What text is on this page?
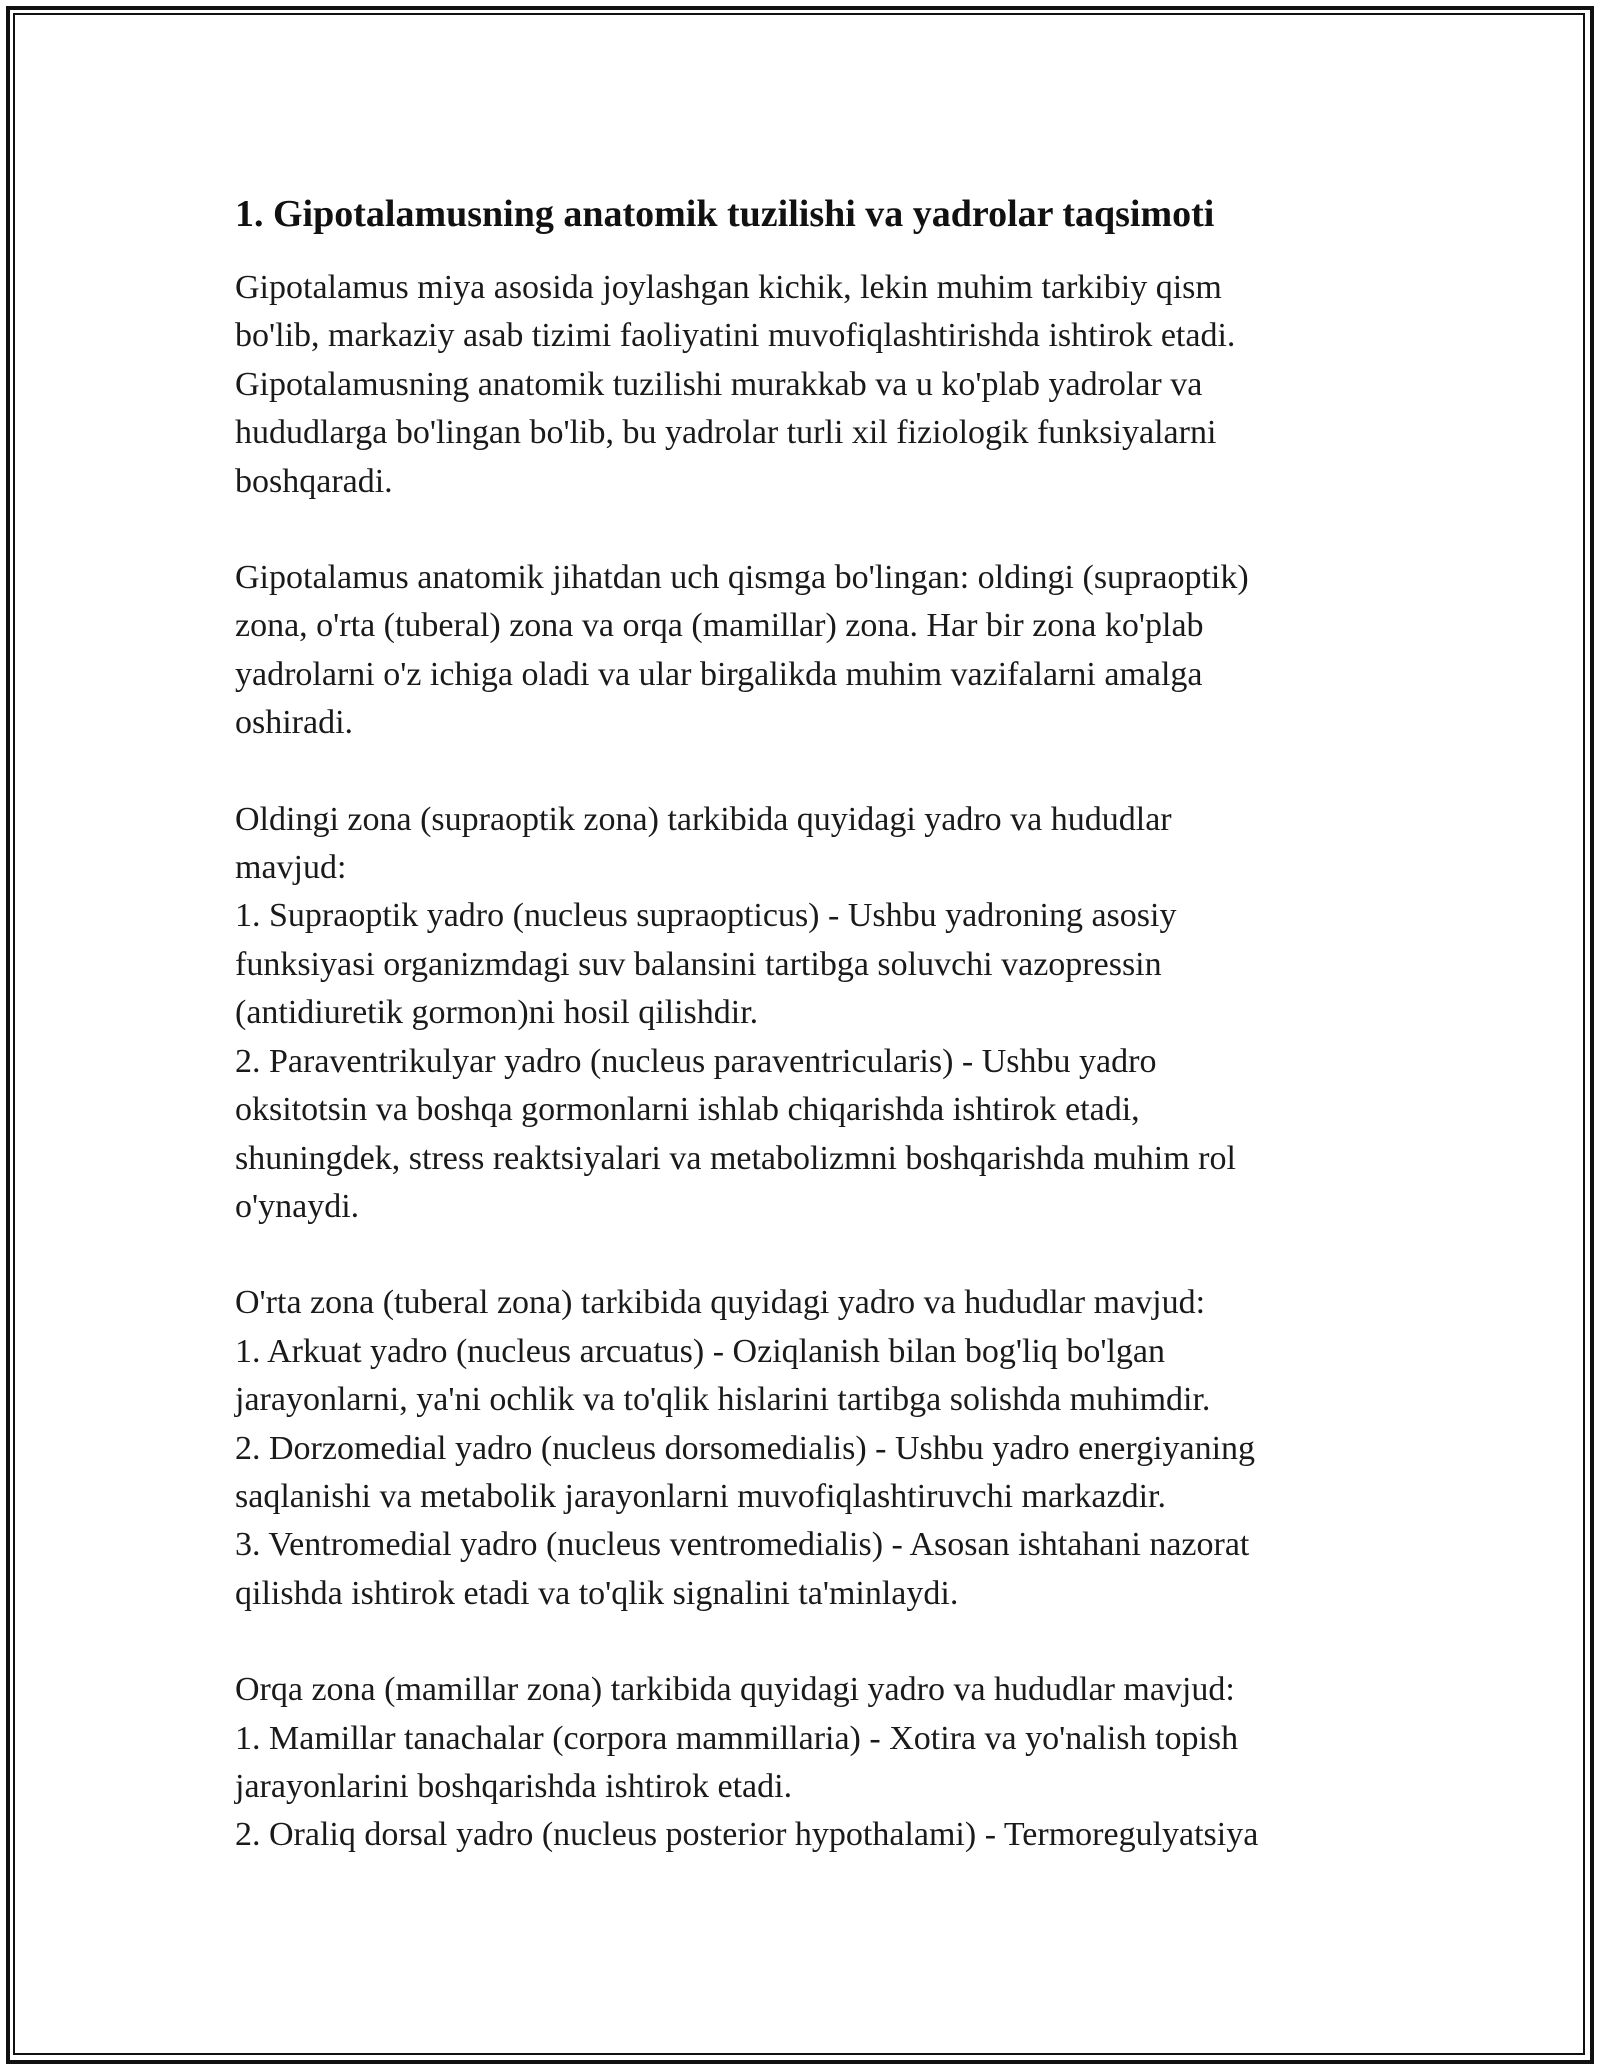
1. Gipotalamusning anatomik tuzilishi va yadrolar taqsimoti
Gipotalamus miya asosida joylashgan kichik, lekin muhim tarkibiy qism
bo'lib, markaziy asab tizimi faoliyatini muvofiqlashtirishda ishtirok etadi.
Gipotalamusning anatomik tuzilishi murakkab va u ko'plab yadrolar va
hududlarga bo'lingan bo'lib, bu yadrolar turli xil fiziologik funksiyalarni
boshqaradi.
Gipotalamus anatomik jihatdan uch qismga bo'lingan: oldingi (supraoptik)
zona, o'rta (tuberal) zona va orqa (mamillar) zona. Har bir zona ko'plab
yadrolarni o'z ichiga oladi va ular birgalikda muhim vazifalarni amalga
oshiradi.
Oldingi zona (supraoptik zona) tarkibida quyidagi yadro va hududlar
mavjud:
1. Supraoptik yadro (nucleus supraopticus) - Ushbu yadroning asosiy
funksiyasi organizmdagi suv balansini tartibga soluvchi vazopressin
(antidiuretik gormon)ni hosil qilishdir.
2. Paraventrikulyar yadro (nucleus paraventricularis) - Ushbu yadro
oksitotsin va boshqa gormonlarni ishlab chiqarishda ishtirok etadi,
shuningdek, stress reaktsiyalari va metabolizmni boshqarishda muhim rol
o'ynaydi.
O'rta zona (tuberal zona) tarkibida quyidagi yadro va hududlar mavjud:
1. Arkuat yadro (nucleus arcuatus) - Oziqlanish bilan bog'liq bo'lgan
jarayonlarni, ya'ni ochlik va to'qlik hislarini tartibga solishda muhimdir.
2. Dorzomedial yadro (nucleus dorsomedialis) - Ushbu yadro energiyaning
saqlanishi va metabolik jarayonlarni muvofiqlashtiruvchi markazdir.
3. Ventromedial yadro (nucleus ventromedialis) - Asosan ishtahani nazorat
qilishda ishtirok etadi va to'qlik signalini ta'minlaydi.
Orqa zona (mamillar zona) tarkibida quyidagi yadro va hududlar mavjud:
1. Mamillar tanachalar (corpora mammillaria) - Xotira va yo'nalish topish
jarayonlarini boshqarishda ishtirok etadi.
2. Oraliq dorsal yadro (nucleus posterior hypothalami) - Termoregulyatsiya
